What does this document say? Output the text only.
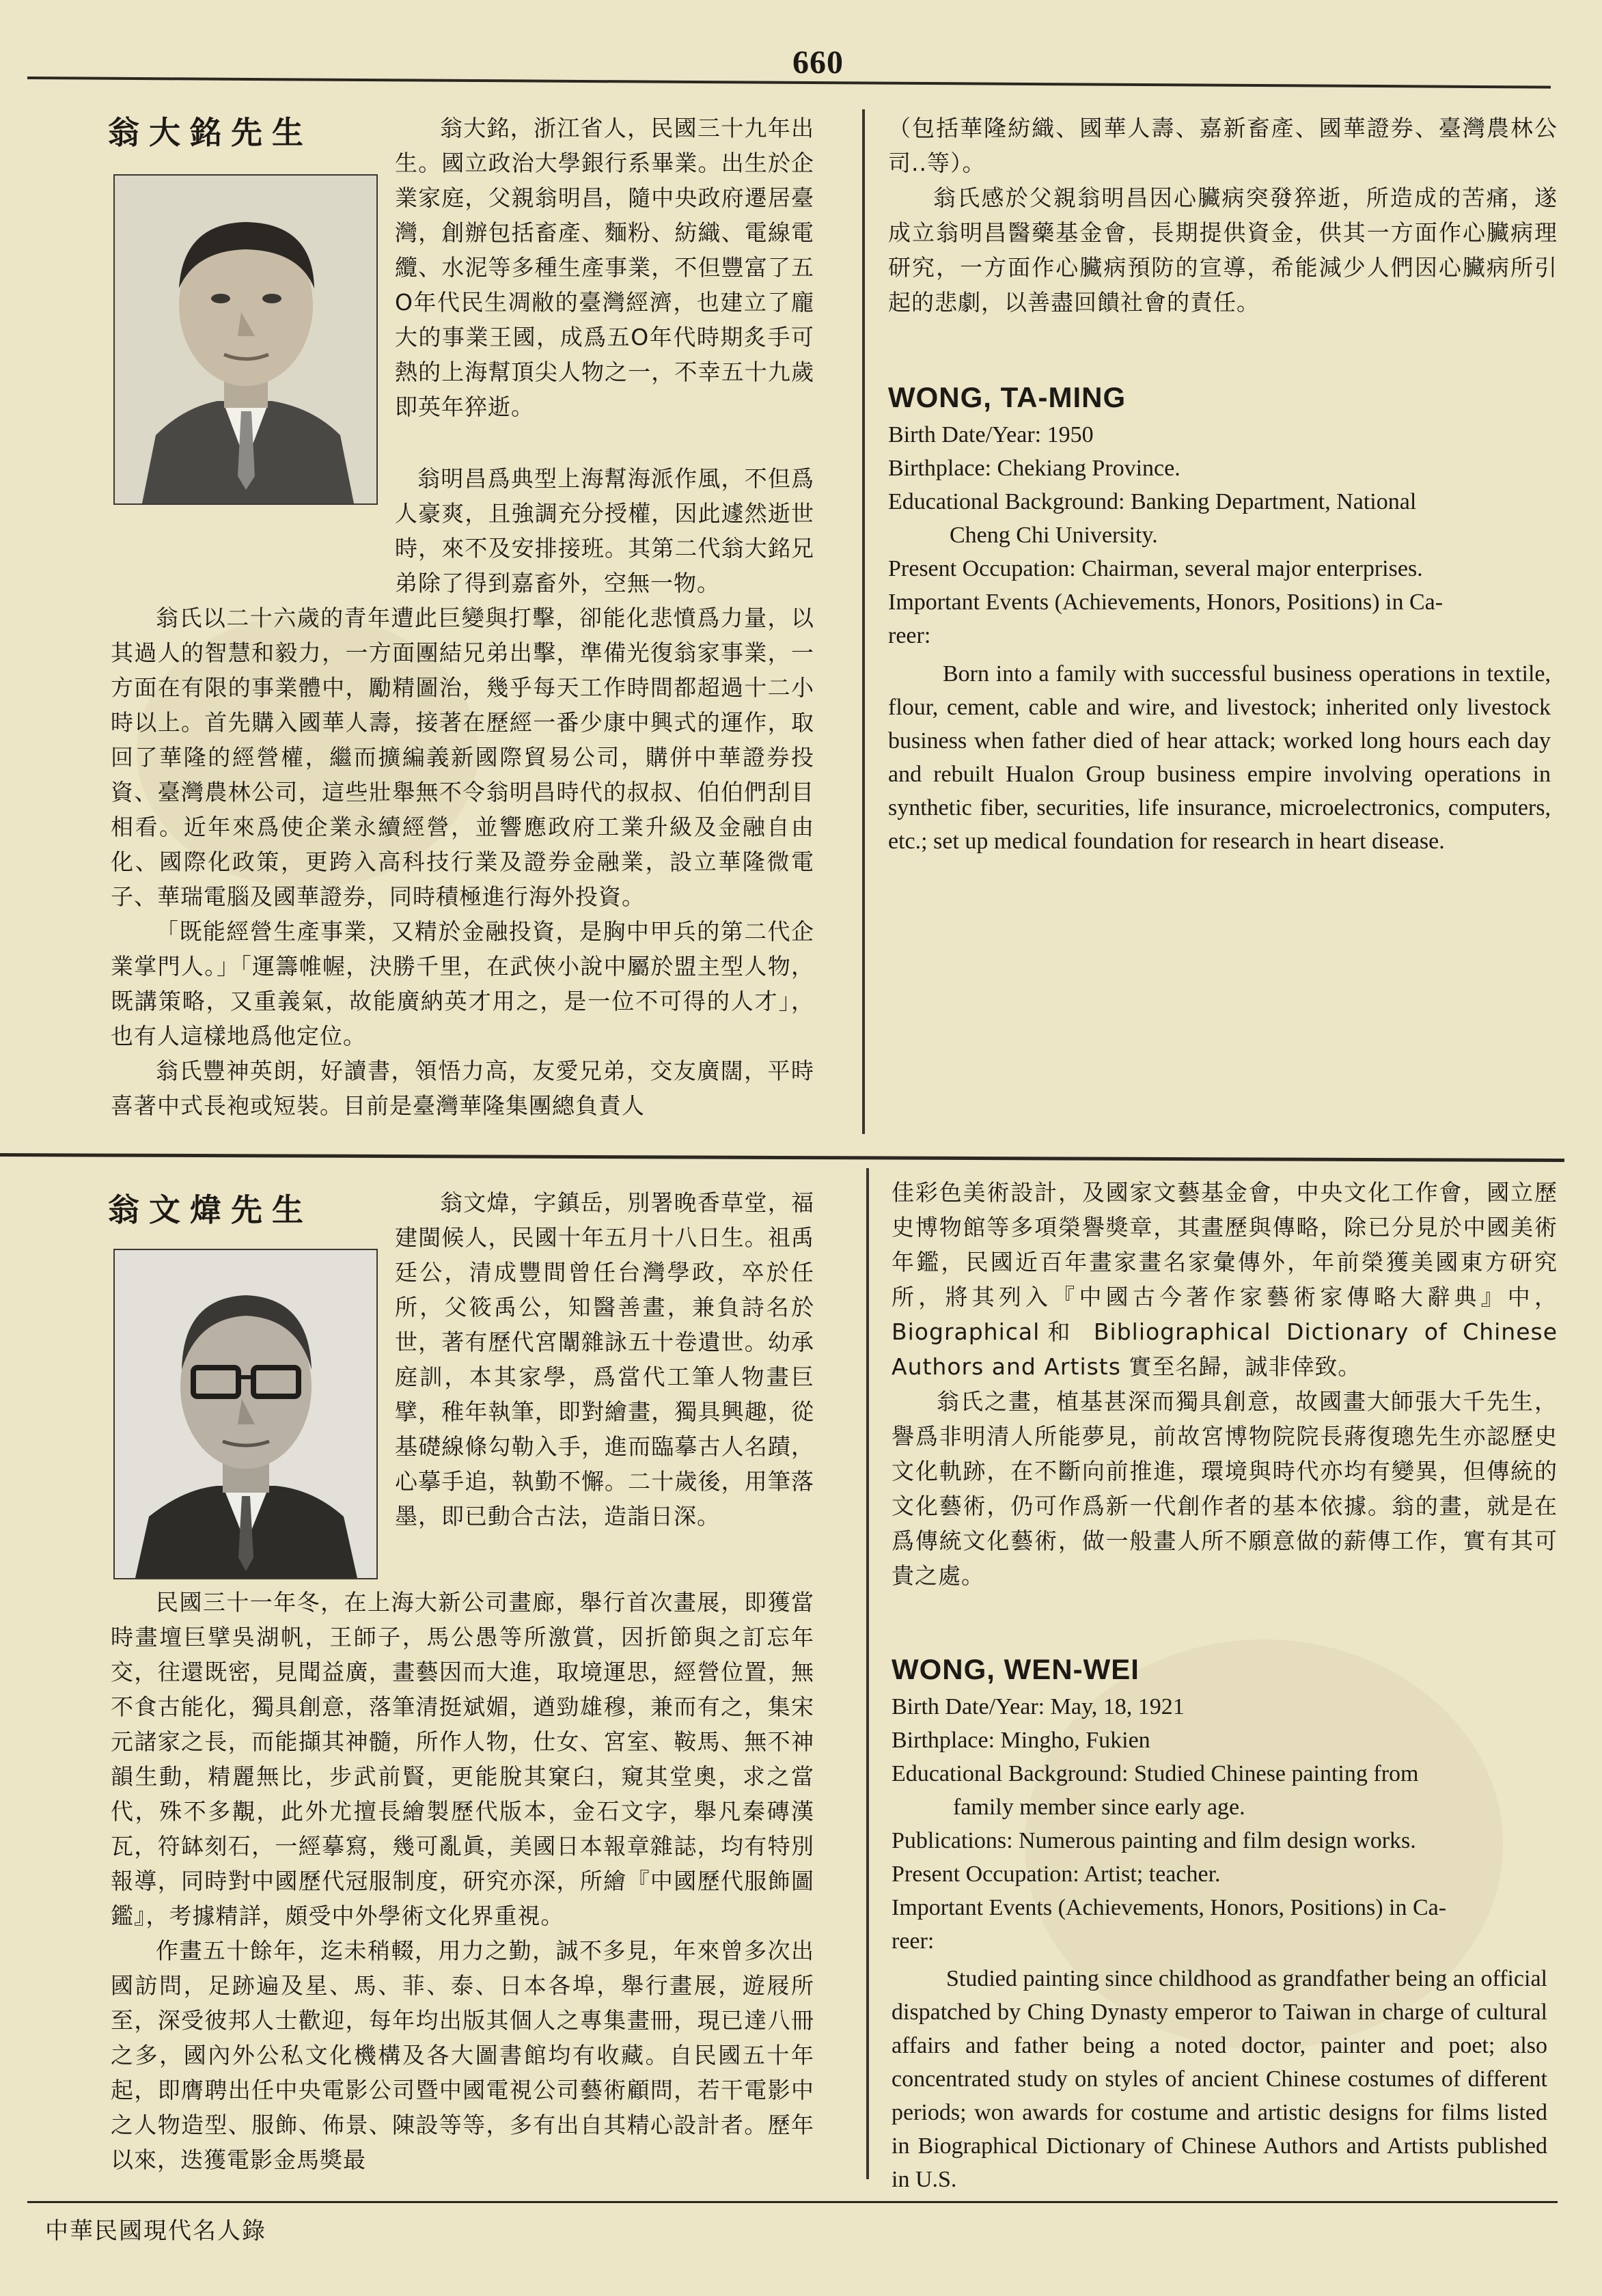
660
翁大銘先生	翁大銘，浙江省人，民國三十九年出生。國立政治大學銀行系畢業。出生於企業家庭，父親翁明昌，隨中央政府遷居臺灣，創辦包括畜產、麵粉、紡織、電線電纜、水泥等多種生產事業，不但豐富了五O年代民生凋敝的臺灣經濟，也建立了龐大的事業王國，成爲五O年代時期炙手可熱的上海幫頂尖人物之一，不幸五十九歲即英年猝逝。

翁明昌爲典型上海幫海派作風，不但爲人豪爽，且強調充分授權，因此遽然逝世時，來不及安排接班。其第二代翁大銘兄弟除了得到嘉畜外，空無一物。

翁氏以二十六歲的青年遭此巨變與打擊，卻能化悲憤爲力量，以其過人的智慧和毅力，一方面團結兄弟出擊，準備光復翁家事業，一方面在有限的事業體中，勵精圖治，幾乎每天工作時間都超過十二小時以上。首先購入國華人壽，接著在歷經一番少康中興式的運作，取回了華隆的經營權，繼而擴編義新國際貿易公司，購併中華證券投資、臺灣農林公司，這些壯舉無不令翁明昌時代的叔叔、伯伯們刮目相看。近年來爲使企業永續經營，並響應政府工業升級及金融自由化、國際化政策，更跨入高科技行業及證券金融業，設立華隆微電子、華瑞電腦及國華證券，同時積極進行海外投資。

「既能經營生產事業，又精於金融投資，是胸中甲兵的第二代企業掌門人。」「運籌帷幄，決勝千里，在武俠小說中屬於盟主型人物，既講策略，又重義氣，故能廣納英才用之，是一位不可得的人才」，也有人這樣地爲他定位。

翁氏豐神英朗，好讀書，領悟力高，友愛兄弟，交友廣闊，平時喜著中式長袍或短裝。目前是臺灣華隆集團總負責人

（包括華隆紡織、國華人壽、嘉新畜產、國華證券、臺灣農林公司..等）。

翁氏感於父親翁明昌因心臟病突發猝逝，所造成的苦痛，遂成立翁明昌醫藥基金會，長期提供資金，供其一方面作心臟病理研究，一方面作心臟病預防的宣導，希能減少人們因心臟病所引起的悲劇，以善盡回饋社會的責任。

WONG, TA-MING
Birth Date/Year: 1950
Birthplace: Chekiang Province.
Educational Background: Banking Department, National
Cheng Chi University.
Present Occupation: Chairman, several major enterprises.
Important Events (Achievements, Honors, Positions) in Ca-
reer:
Born into a family with successful business operations in textile, flour, cement, cable and wire, and livestock; inherited only livestock business when father died of hear attack; worked long hours each day and rebuilt Hualon Group business empire involving operations in synthetic fiber, securities, life insurance, microelectronics, computers, etc.; set up medical foundation for research in heart disease.
翁文煒先生	翁文煒，字鎮岳，別署晚香草堂，福建閩候人，民國十年五月十八日生。祖禹廷公，清成豐間曾任台灣學政，卒於任所，父筱禹公，知醫善畫，兼負詩名於世，著有歷代宮闈雜詠五十卷遺世。幼承庭訓，本其家學，爲當代工筆人物畫巨擘，稚年執筆，即對繪畫，獨具興趣，從基礎線條勾勒入手，進而臨摹古人名蹟，心摹手追，執勤不懈。二十歲後，用筆落墨，即已動合古法，造詣日深。

民國三十一年冬，在上海大新公司畫廊，舉行首次畫展，即獲當時畫壇巨擘吳湖帆，王師子，馬公愚等所激賞，因折節與之訂忘年交，往還既密，見聞益廣，畫藝因而大進，取境運思，經營位置，無不食古能化，獨具創意，落筆清挺斌媚，遒勁雄穆，兼而有之，集宋元諸家之長，而能擷其神髓，所作人物，仕女、宮室、鞍馬、無不神韻生動，精麗無比，步武前賢，更能脫其窠臼，窺其堂奧，求之當代，殊不多覯，此外尤擅長繪製歷代版本，金石文字，舉凡秦磚漢瓦，符缽刻石，一經摹寫，幾可亂眞，美國日本報章雜誌，均有特別報導，同時對中國歷代冠服制度，研究亦深，所繪『中國歷代服飾圖鑑』，考據精詳，頗受中外學術文化界重視。

作畫五十餘年，迄未稍輟，用力之勤，誠不多見，年來曾多次出國訪問，足跡遍及星、馬、菲、泰、日本各埠，舉行畫展，遊屐所至，深受彼邦人士歡迎，每年均出版其個人之專集畫冊，現已達八冊之多，國內外公私文化機構及各大圖書館均有收藏。自民國五十年起，即膺聘出任中央電影公司暨中國電視公司藝術顧問，若干電影中之人物造型、服飾、佈景、陳設等等，多有出自其精心設計者。歷年以來，迭獲電影金馬獎最

佳彩色美術設計，及國家文藝基金會，中央文化工作會，國立歷史博物館等多項榮譽獎章，其畫歷與傳略，除已分見於中國美術年鑑，民國近百年畫家畫名家彙傳外，年前榮獲美國東方研究所，將其列入『中國古今著作家藝術家傳略大辭典』中，Biographical和 Bibliographical Dictionary of Chinese Authors and Artists 實至名歸，誠非倖致。

翁氏之畫，植基甚深而獨具創意，故國畫大師張大千先生，譽爲非明清人所能夢見，前故宮博物院院長蔣復璁先生亦認歷史文化軌跡，在不斷向前推進，環境與時代亦均有變異，但傳統的文化藝術，仍可作爲新一代創作者的基本依據。翁的畫，就是在爲傳統文化藝術，做一般畫人所不願意做的薪傳工作，實有其可貴之處。

WONG, WEN-WEI
Birth Date/Year: May, 18, 1921
Birthplace: Mingho, Fukien
Educational Background: Studied Chinese painting from
family member since early age.
Publications: Numerous painting and film design works.
Present Occupation: Artist; teacher.
Important Events (Achievements, Honors, Positions) in Ca-
reer:
Studied painting since childhood as grandfather being an official dispatched by Ching Dynasty emperor to Taiwan in charge of cultural affairs and father being a noted doctor, painter and poet; also concentrated study on styles of ancient Chinese costumes of different periods; won awards for costume and artistic designs for films listed in Biographical Dictionary of Chinese Authors and Artists published in U.S.
中華民國現代名人錄
